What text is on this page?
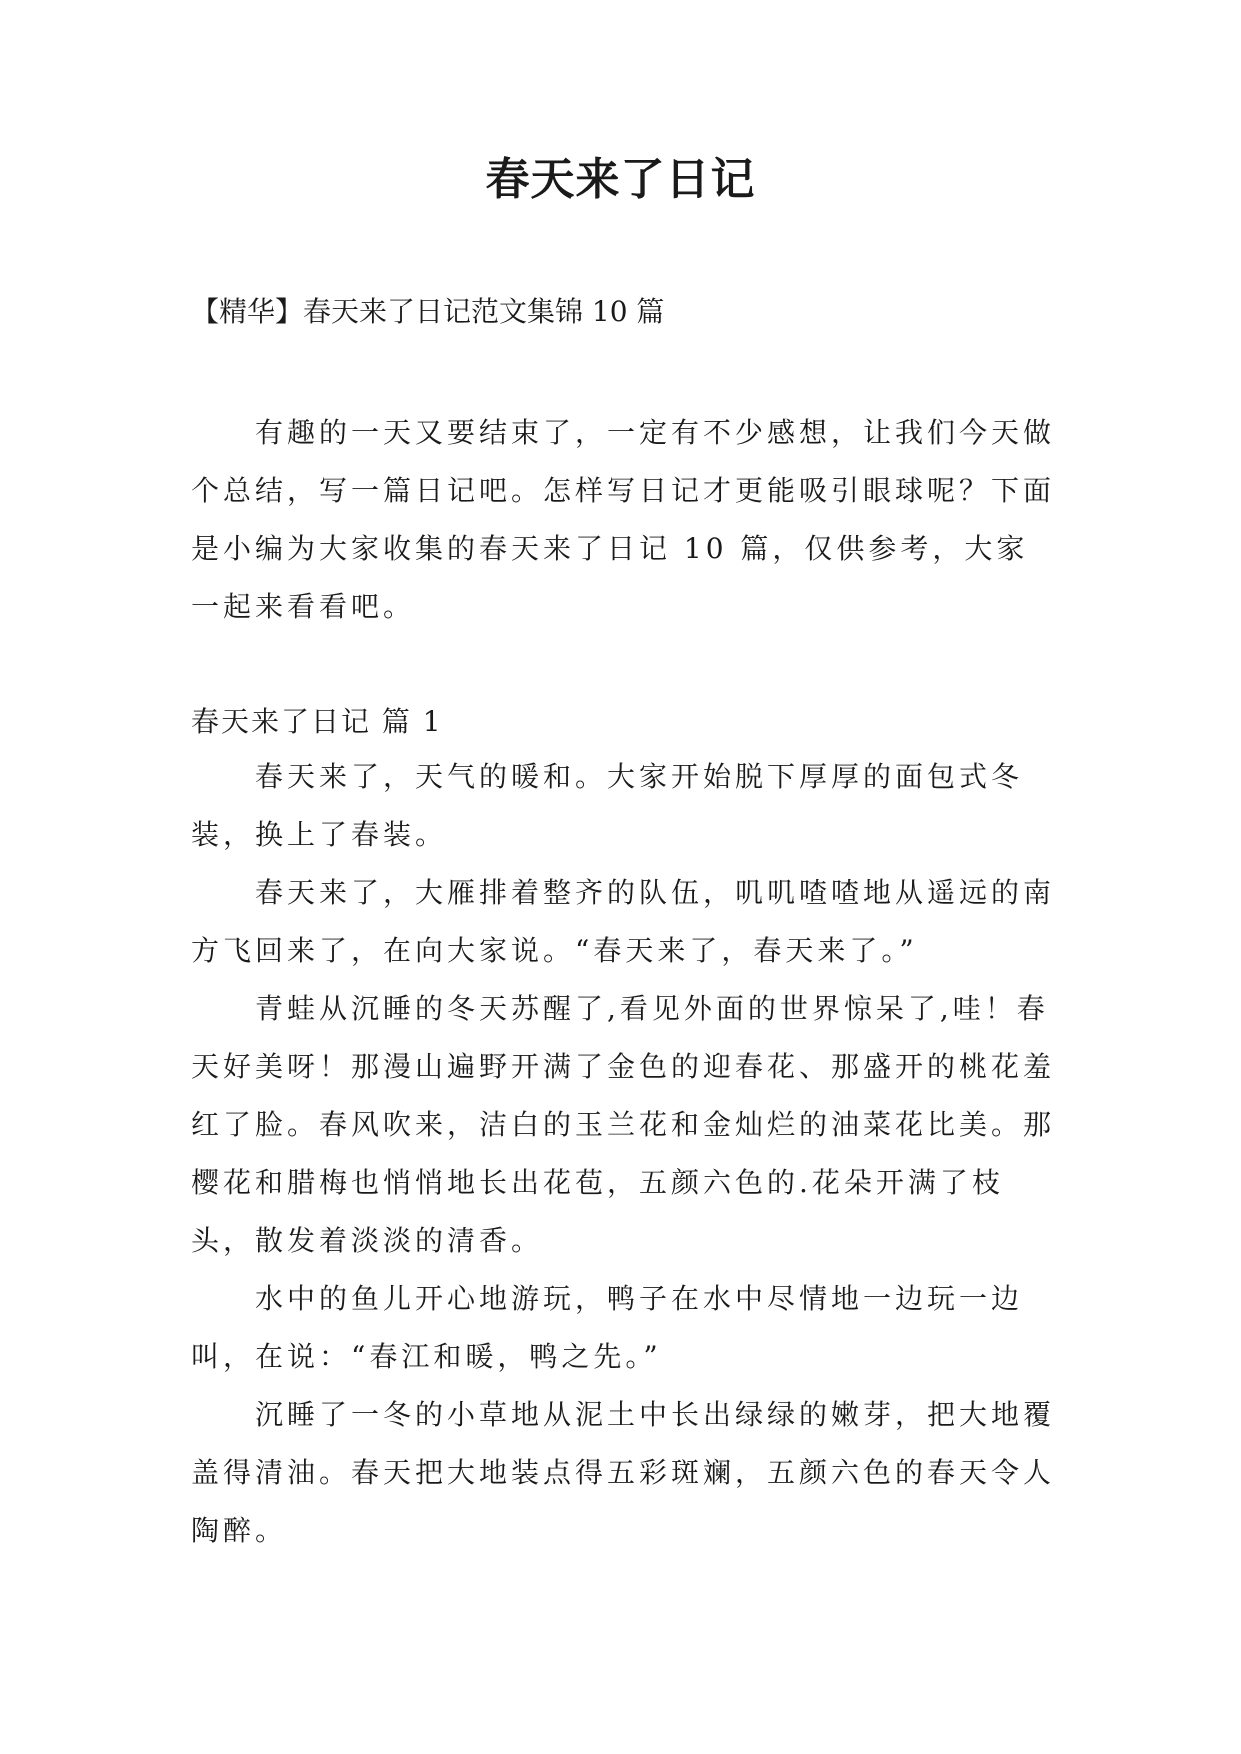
春天来了日记

【精华】春天来了日记范文集锦 10 篇

有趣的一天又要结束了，一定有不少感想，让我们今天做个总结，写一篇日记吧。怎样写日记才更能吸引眼球呢？下面是小编为大家收集的春天来了日记 10 篇，仅供参考，大家一起来看看吧。

春天来了日记 篇 1

春天来了，天气的暖和。大家开始脱下厚厚的面包式冬装，换上了春装。

春天来了，大雁排着整齐的队伍，叽叽喳喳地从遥远的南方飞回来了，在向大家说。“春天来了，春天来了。”

青蛙从沉睡的冬天苏醒了,看见外面的世界惊呆了,哇！春天好美呀！那漫山遍野开满了金色的迎春花、那盛开的桃花羞红了脸。春风吹来，洁白的玉兰花和金灿烂的油菜花比美。那樱花和腊梅也悄悄地长出花苞，五颜六色的.花朵开满了枝头，散发着淡淡的清香。

水中的鱼儿开心地游玩，鸭子在水中尽情地一边玩一边叫，在说：“春江和暖，鸭之先。”

沉睡了一冬的小草地从泥土中长出绿绿的嫩芽，把大地覆盖得清油。春天把大地装点得五彩斑斓，五颜六色的春天令人陶醉。
